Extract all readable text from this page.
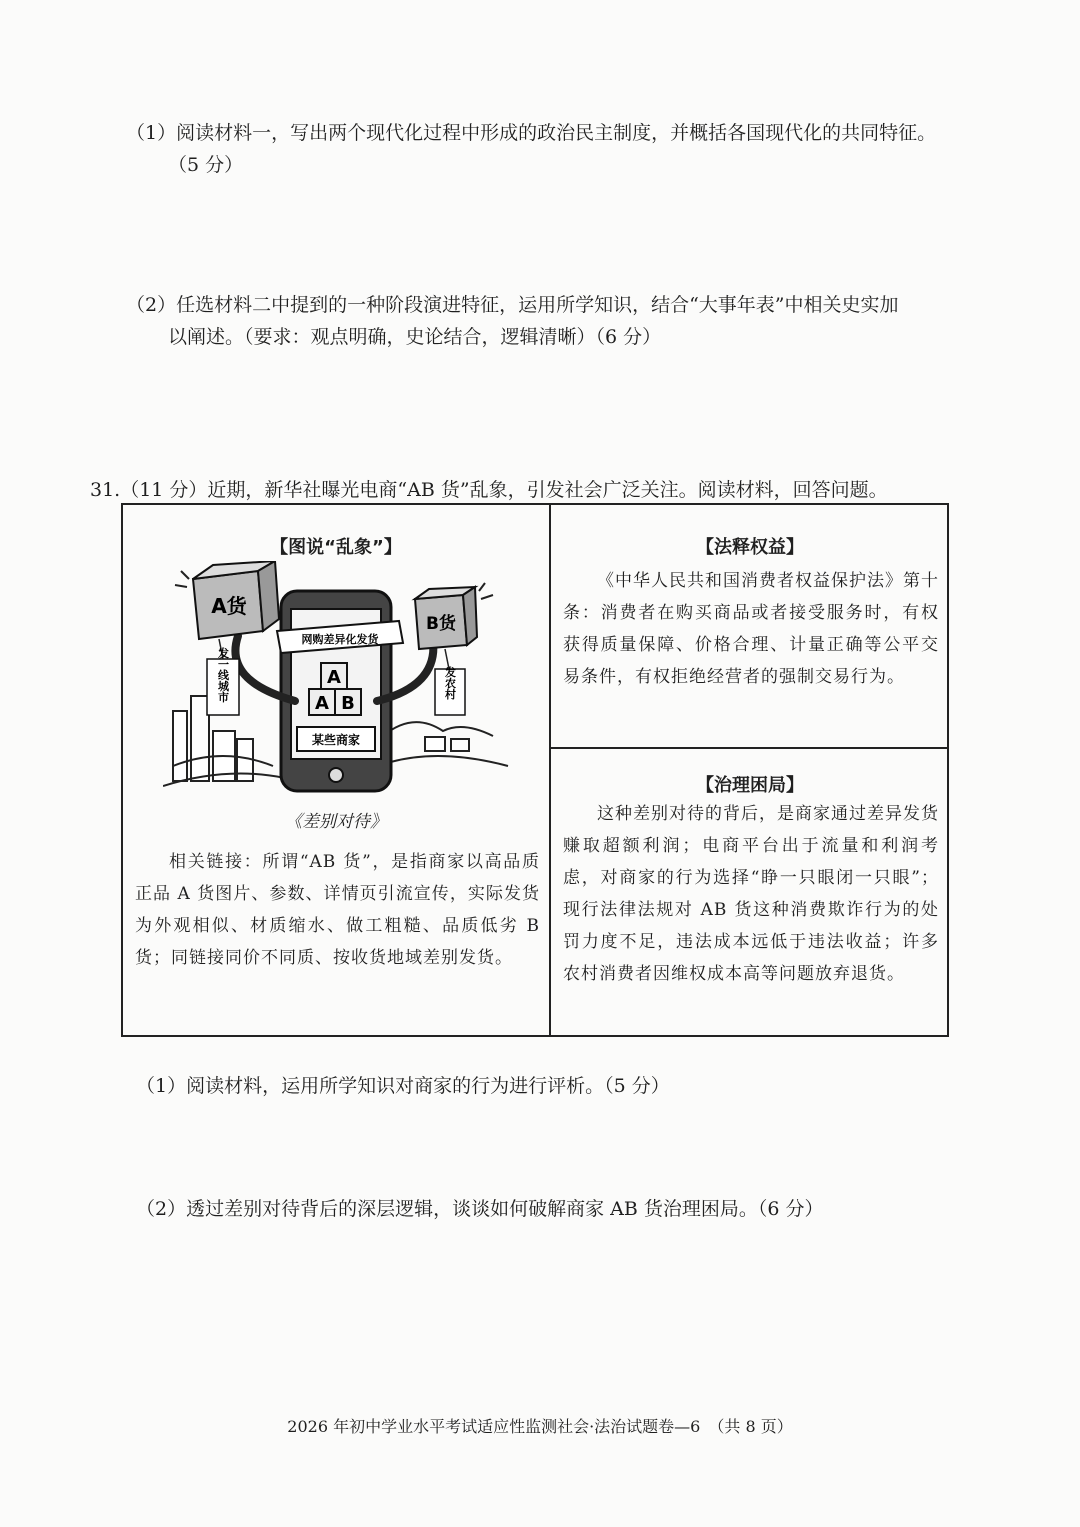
（1）阅读材料一，写出两个现代化过程中形成的政治民主制度，并概括各国现代化的共同特征。
（5 分）
（2）任选材料二中提到的一种阶段演进特征，运用所学知识，结合“大事年表”中相关史实加
以阐述。（要求：观点明确，史论结合，逻辑清晰）（6 分）
31.（11 分）近期，新华社曝光电商“AB 货”乱象，引发社会广泛关注。阅读材料，回答问题。
【图说“乱象”】
A货
B货
发一线城市	发农村
网购差异化发货
A
A B
某些商家
《差别对待》
相关链接：所谓“AB 货”，是指商家以高品质正品 A 货图片、参数、详情页引流宣传，实际发货为外观相似、材质缩水、做工粗糙、品质低劣 B 货；同链接同价不同质、按收货地域差别发货。
【法释权益】
《中华人民共和国消费者权益保护法》第十条：消费者在购买商品或者接受服务时，有权获得质量保障、价格合理、计量正确等公平交易条件，有权拒绝经营者的强制交易行为。
【治理困局】
这种差别对待的背后，是商家通过差异发货赚取超额利润；电商平台出于流量和利润考虑，对商家的行为选择“睁一只眼闭一只眼”；现行法律法规对 AB 货这种消费欺诈行为的处罚力度不足，违法成本远低于违法收益；许多农村消费者因维权成本高等问题放弃退货。
（1）阅读材料，运用所学知识对商家的行为进行评析。（5 分）
（2）透过差别对待背后的深层逻辑，谈谈如何破解商家 AB 货治理困局。（6 分）
2026 年初中学业水平考试适应性监测社会·法治试题卷—6　（共 8 页）
